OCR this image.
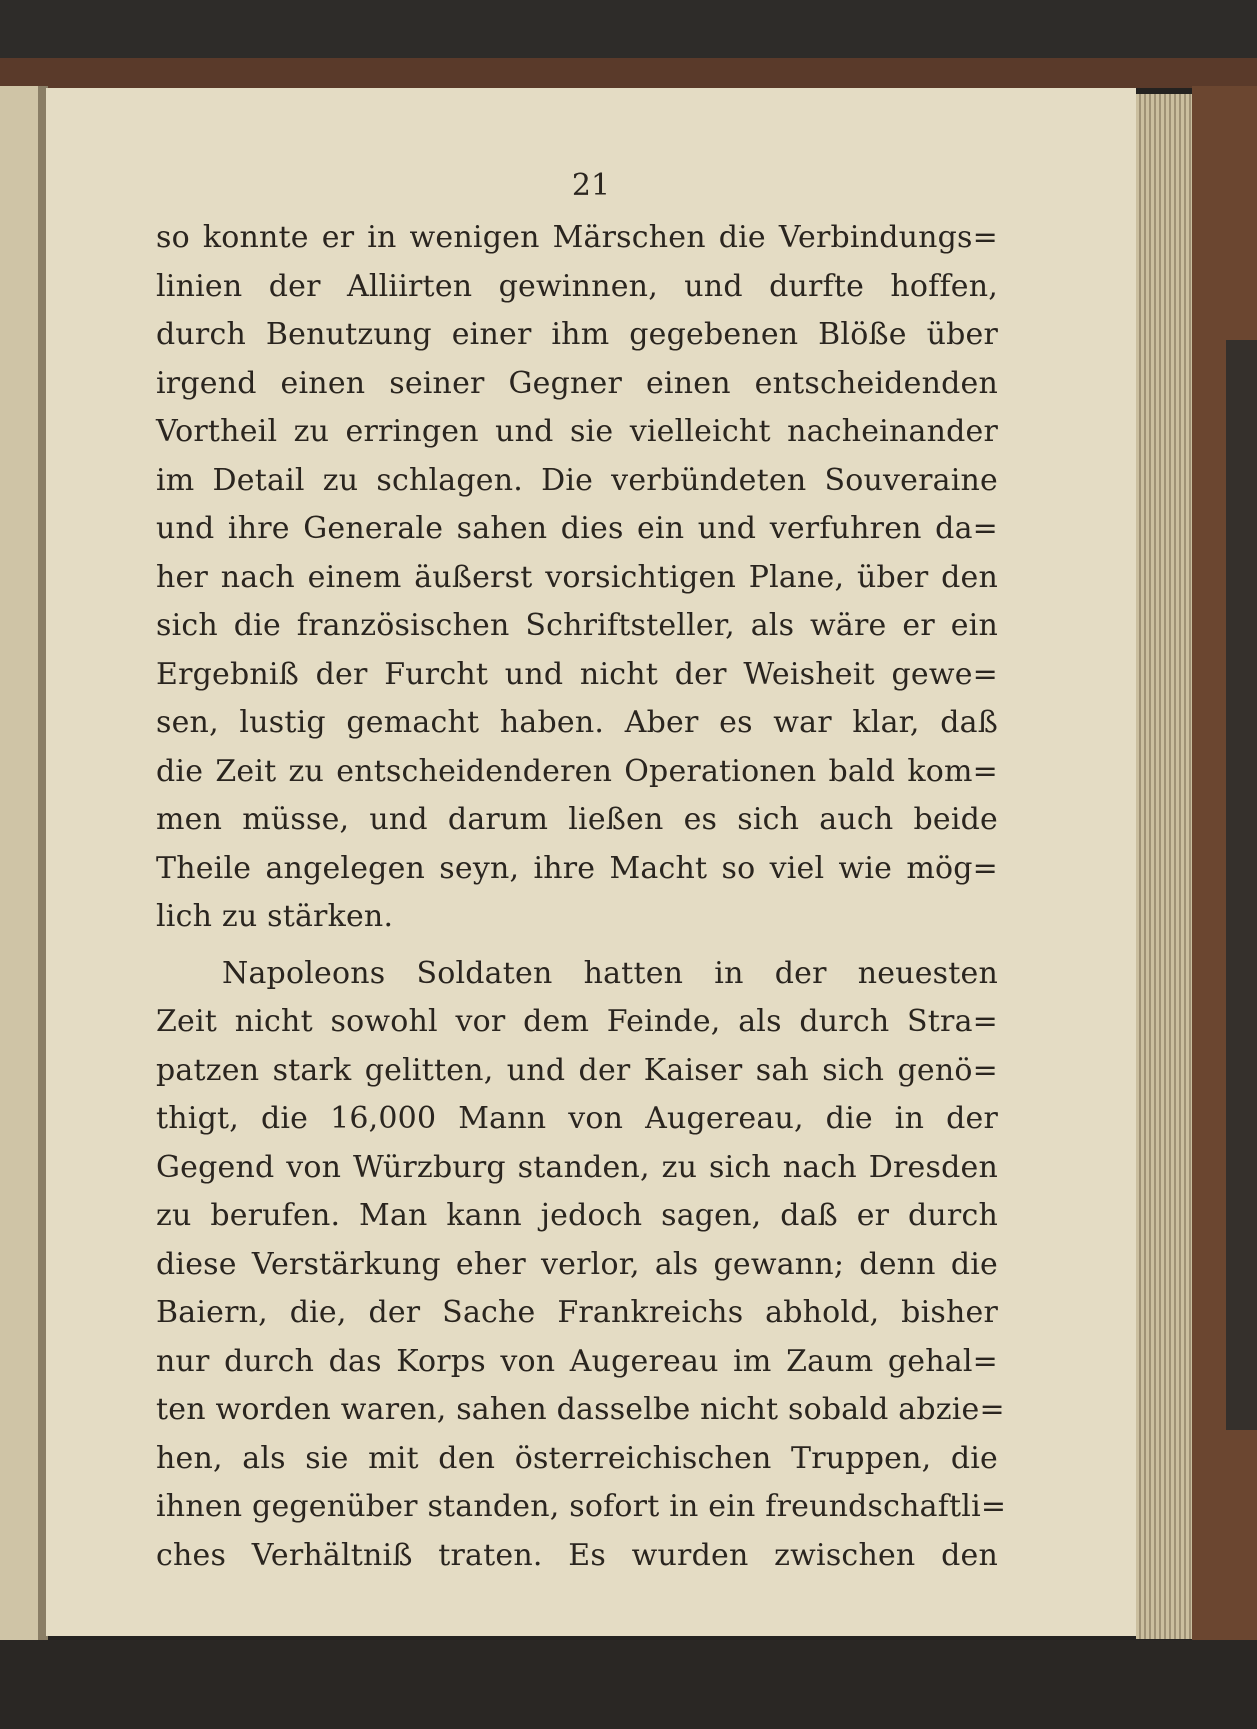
21
so konnte er in wenigen Märschen die Verbindungs=
linien der Alliirten gewinnen, und durfte hoffen,
durch Benutzung einer ihm gegebenen Blöße über
irgend einen seiner Gegner einen entscheidenden
Vortheil zu erringen und sie vielleicht nacheinander
im Detail zu schlagen. Die verbündeten Souveraine
und ihre Generale sahen dies ein und verfuhren da=
her nach einem äußerst vorsichtigen Plane, über den
sich die französischen Schriftsteller, als wäre er ein
Ergebniß der Furcht und nicht der Weisheit gewe=
sen, lustig gemacht haben. Aber es war klar, daß
die Zeit zu entscheidenderen Operationen bald kom=
men müsse, und darum ließen es sich auch beide
Theile angelegen seyn, ihre Macht so viel wie mög=
lich zu stärken.
Napoleons Soldaten hatten in der neuesten
Zeit nicht sowohl vor dem Feinde, als durch Stra=
patzen stark gelitten, und der Kaiser sah sich genö=
thigt, die 16,000 Mann von Augereau, die in der
Gegend von Würzburg standen, zu sich nach Dresden
zu berufen. Man kann jedoch sagen, daß er durch
diese Verstärkung eher verlor, als gewann; denn die
Baiern, die, der Sache Frankreichs abhold, bisher
nur durch das Korps von Augereau im Zaum gehal=
ten worden waren, sahen dasselbe nicht sobald abzie=
hen, als sie mit den österreichischen Truppen, die
ihnen gegenüber standen, sofort in ein freundschaftli=
ches Verhältniß traten. Es wurden zwischen den
